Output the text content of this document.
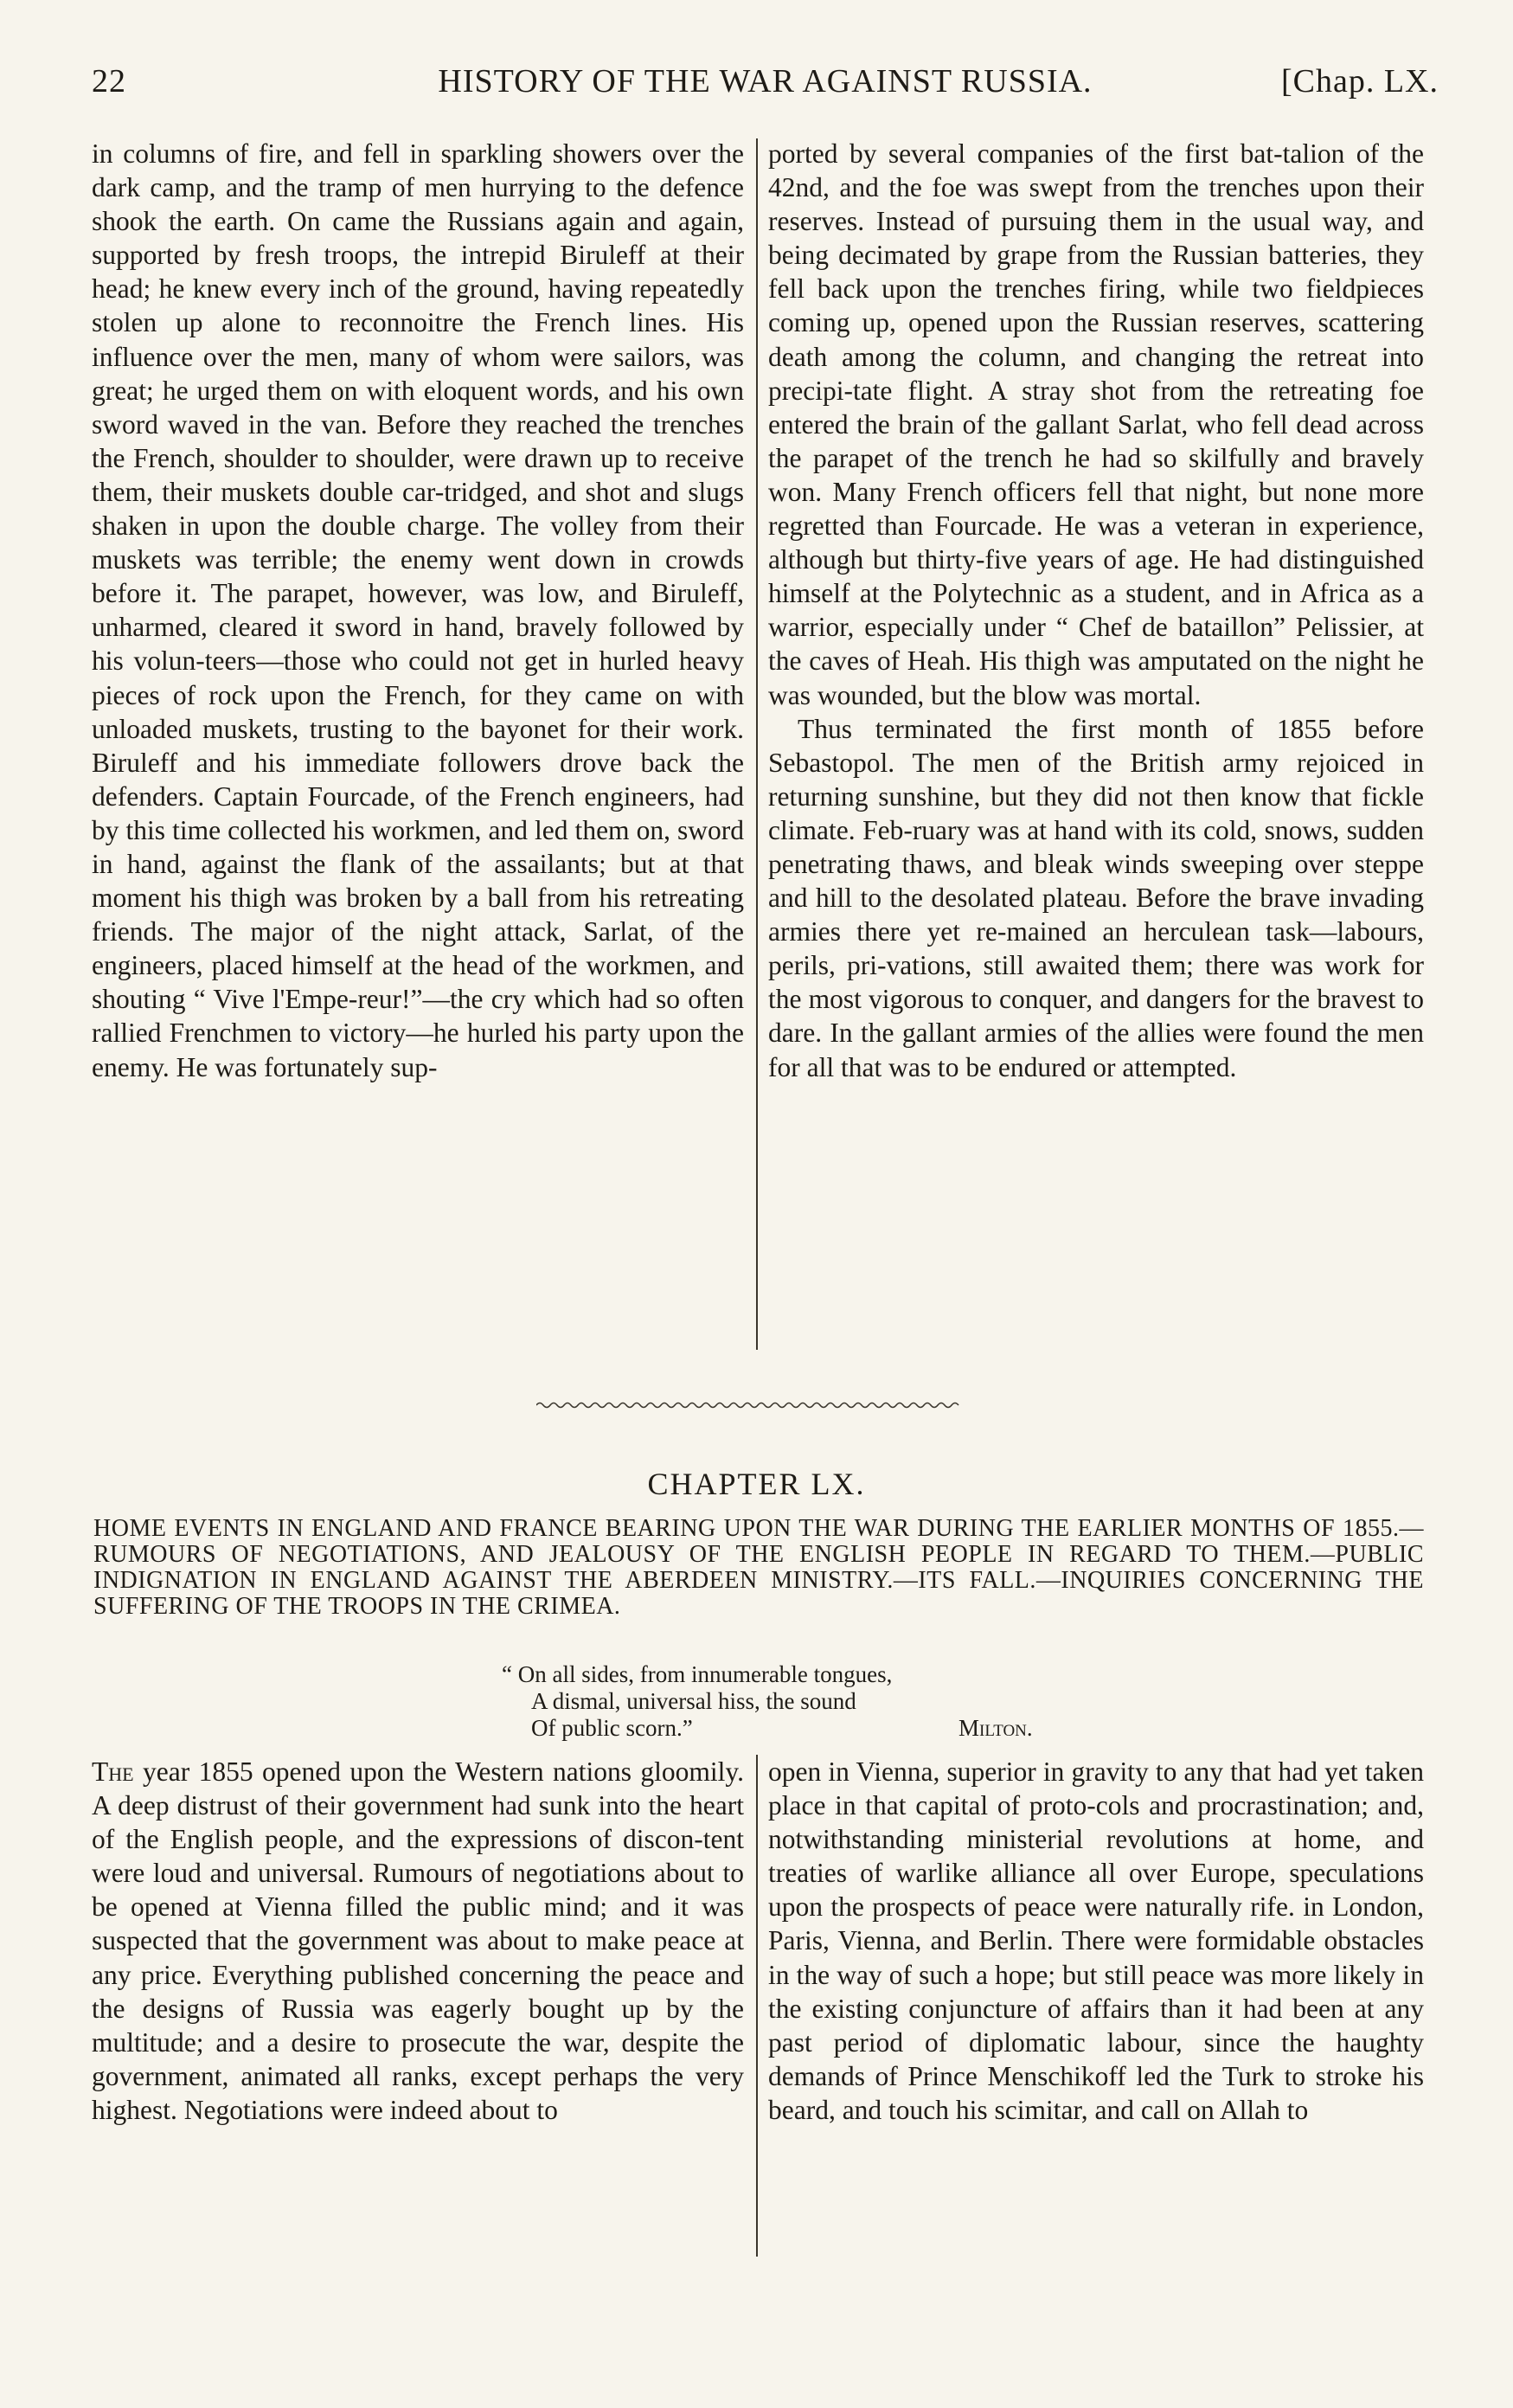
22	HISTORY OF THE WAR AGAINST RUSSIA.	[Chap. LX.

in columns of fire, and fell in sparkling showers over the dark camp, and the tramp of men hurrying to the defence shook the earth. On came the Russians again and again, supported by fresh troops, the intrepid Biruleff at their head; he knew every inch of the ground, having repeatedly stolen up alone to reconnoitre the French lines. His influence over the men, many of whom were sailors, was great; he urged them on with eloquent words, and his own sword waved in the van. Before they reached the trenches the French, shoulder to shoulder, were drawn up to receive them, their muskets double car-tridged, and shot and slugs shaken in upon the double charge. The volley from their muskets was terrible; the enemy went down in crowds before it. The parapet, however, was low, and Biruleff, unharmed, cleared it sword in hand, bravely followed by his volun-teers—those who could not get in hurled heavy pieces of rock upon the French, for they came on with unloaded muskets, trusting to the bayonet for their work. Biruleff and his immediate followers drove back the defenders. Captain Fourcade, of the French engineers, had by this time collected his workmen, and led them on, sword in hand, against the flank of the assailants; but at that moment his thigh was broken by a ball from his retreating friends. The major of the night attack, Sarlat, of the engineers, placed himself at the head of the workmen, and shouting “ Vive l'Empe-reur!”—the cry which had so often rallied Frenchmen to victory—he hurled his party upon the enemy. He was fortunately sup-

ported by several companies of the first bat-talion of the 42nd, and the foe was swept from the trenches upon their reserves. Instead of pursuing them in the usual way, and being decimated by grape from the Russian batteries, they fell back upon the trenches firing, while two fieldpieces coming up, opened upon the Russian reserves, scattering death among the column, and changing the retreat into precipi-tate flight. A stray shot from the retreating foe entered the brain of the gallant Sarlat, who fell dead across the parapet of the trench he had so skilfully and bravely won. Many French officers fell that night, but none more regretted than Fourcade. He was a veteran in experience, although but thirty-five years of age. He had distinguished himself at the Polytechnic as a student, and in Africa as a warrior, especially under “ Chef de bataillon” Pelissier, at the caves of Heah. His thigh was amputated on the night he was wounded, but the blow was mortal.

Thus terminated the first month of 1855 before Sebastopol. The men of the British army rejoiced in returning sunshine, but they did not then know that fickle climate. Feb-ruary was at hand with its cold, snows, sudden penetrating thaws, and bleak winds sweeping over steppe and hill to the desolated plateau. Before the brave invading armies there yet re-mained an herculean task—labours, perils, pri-vations, still awaited them; there was work for the most vigorous to conquer, and dangers for the bravest to dare. In the gallant armies of the allies were found the men for all that was to be endured or attempted.

CHAPTER LX.
HOME EVENTS IN ENGLAND AND FRANCE BEARING UPON THE WAR DURING THE EARLIER MONTHS OF 1855.—RUMOURS OF NEGOTIATIONS, AND JEALOUSY OF THE ENGLISH PEOPLE IN REGARD TO THEM.—PUBLIC INDIGNATION IN ENGLAND AGAINST THE ABERDEEN MINISTRY.—ITS FALL.—INQUIRIES CONCERNING THE SUFFERING OF THE TROOPS IN THE CRIMEA.
“ On all sides, from innumerable tongues,
A dismal, universal hiss, the sound
Of public scorn.”	Milton.

The year 1855 opened upon the Western nations gloomily. A deep distrust of their government had sunk into the heart of the English people, and the expressions of discon-tent were loud and universal. Rumours of negotiations about to be opened at Vienna filled the public mind; and it was suspected that the government was about to make peace at any price. Everything published concerning the peace and the designs of Russia was eagerly bought up by the multitude; and a desire to prosecute the war, despite the government, animated all ranks, except perhaps the very highest. Negotiations were indeed about to

open in Vienna, superior in gravity to any that had yet taken place in that capital of proto-cols and procrastination; and, notwithstanding ministerial revolutions at home, and treaties of warlike alliance all over Europe, speculations upon the prospects of peace were naturally rife. in London, Paris, Vienna, and Berlin. There were formidable obstacles in the way of such a hope; but still peace was more likely in the existing conjuncture of affairs than it had been at any past period of diplomatic labour, since the haughty demands of Prince Menschikoff led the Turk to stroke his beard, and touch his scimitar, and call on Allah to
